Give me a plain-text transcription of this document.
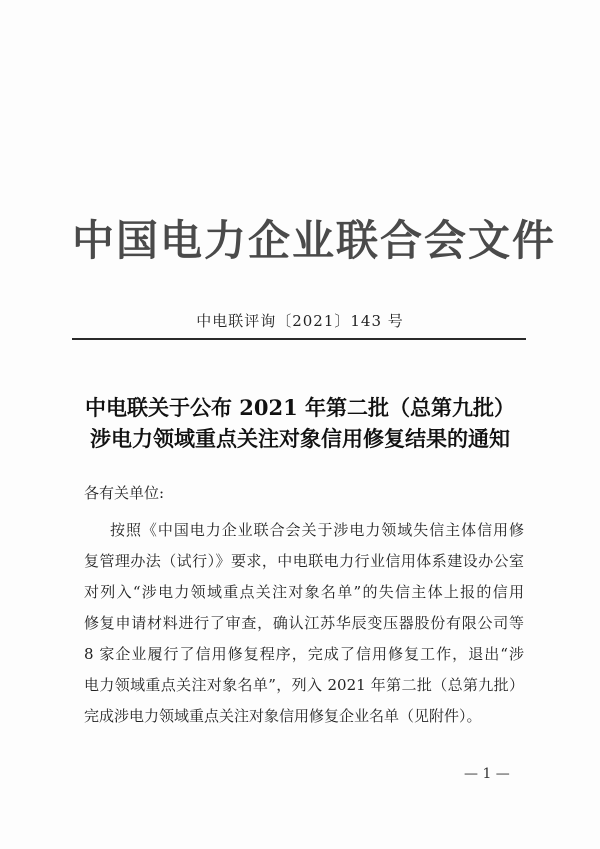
中国电力企业联合会文件
中电联评询〔2021〕143 号
中电联关于公布 2021 年第二批（总第九批）
涉电力领域重点关注对象信用修复结果的通知
各有关单位:
按照《中国电力企业联合会关于涉电力领域失信主体信用修
复管理办法（试行）》要求，中电联电力行业信用体系建设办公室
对列入“涉电力领域重点关注对象名单”的失信主体上报的信用
修复申请材料进行了审查，确认江苏华辰变压器股份有限公司等
8 家企业履行了信用修复程序，完成了信用修复工作，退出“涉
电力领域重点关注对象名单”，列入 2021 年第二批（总第九批）
完成涉电力领域重点关注对象信用修复企业名单（见附件）。
— 1 —
